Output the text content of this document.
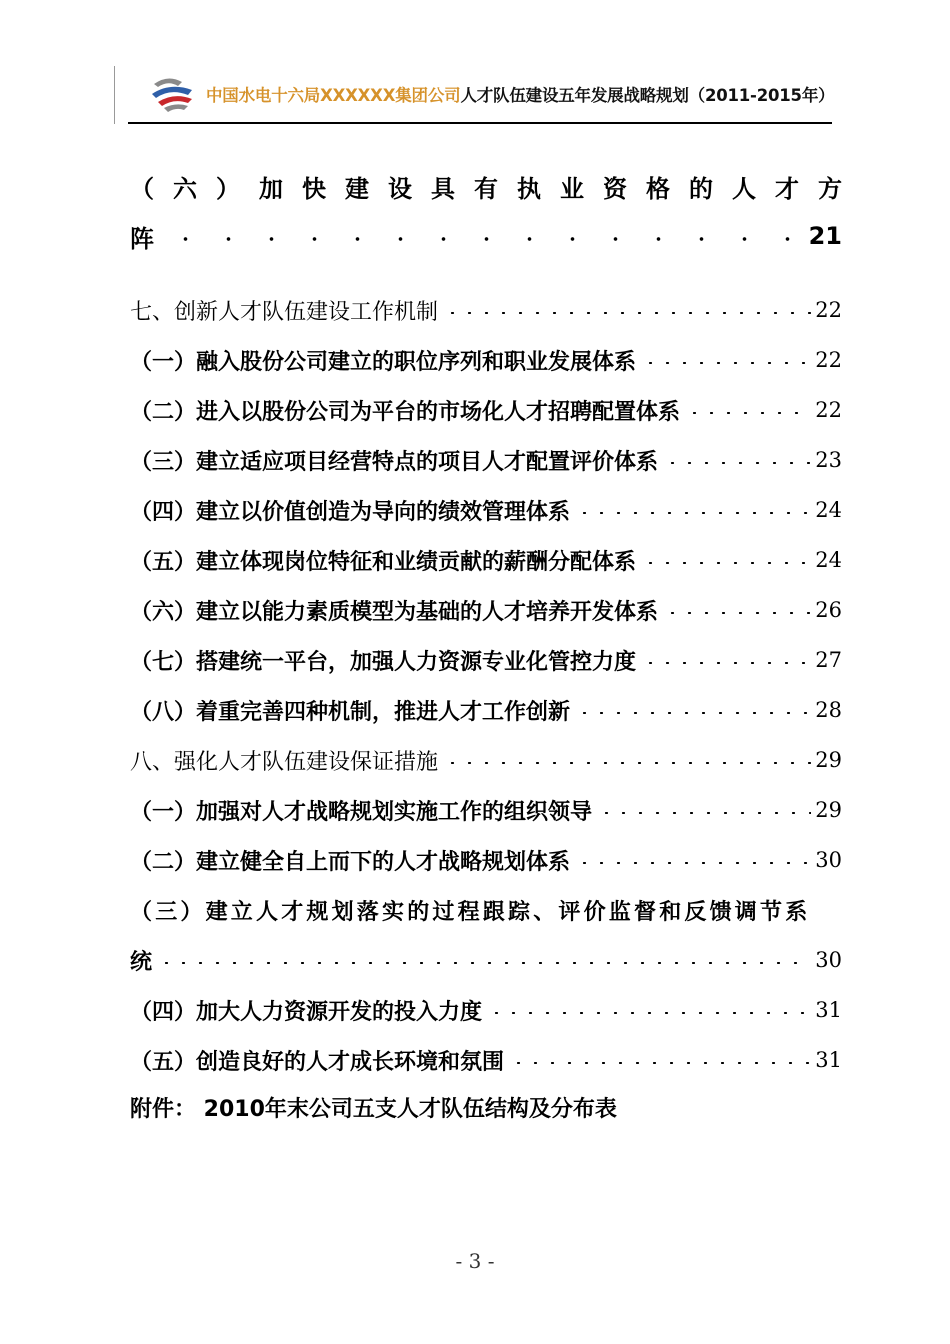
中国水电十六局XXXXXX集团公司人才队伍建设五年发展战略规划（2011-2015年）
（ 六 ） 加 快 建 设 具 有 执 业 资 格 的 人 才 方
阵	21
七、创新人才队伍建设工作机制	22
（一）融入股份公司建立的职位序列和职业发展体系	22
（二）进入以股份公司为平台的市场化人才招聘配置体系	22
（三）建立适应项目经营特点的项目人才配置评价体系	23
（四）建立以价值创造为导向的绩效管理体系	24
（五）建立体现岗位特征和业绩贡献的薪酬分配体系	24
（六）建立以能力素质模型为基础的人才培养开发体系	26
（七）搭建统一平台，加强人力资源专业化管控力度	27
（八）着重完善四种机制，推进人才工作创新	28
八、强化人才队伍建设保证措施	29
（一）加强对人才战略规划实施工作的组织领导	29
（二）建立健全自上而下的人才战略规划体系	30
（三）建立人才规划落实的过程跟踪、评价监督和反馈调节系
统	30
（四）加大人力资源开发的投入力度	31
（五）创造良好的人才成长环境和氛围	31
附件： 2010年末公司五支人才队伍结构及分布表
- 3 -
